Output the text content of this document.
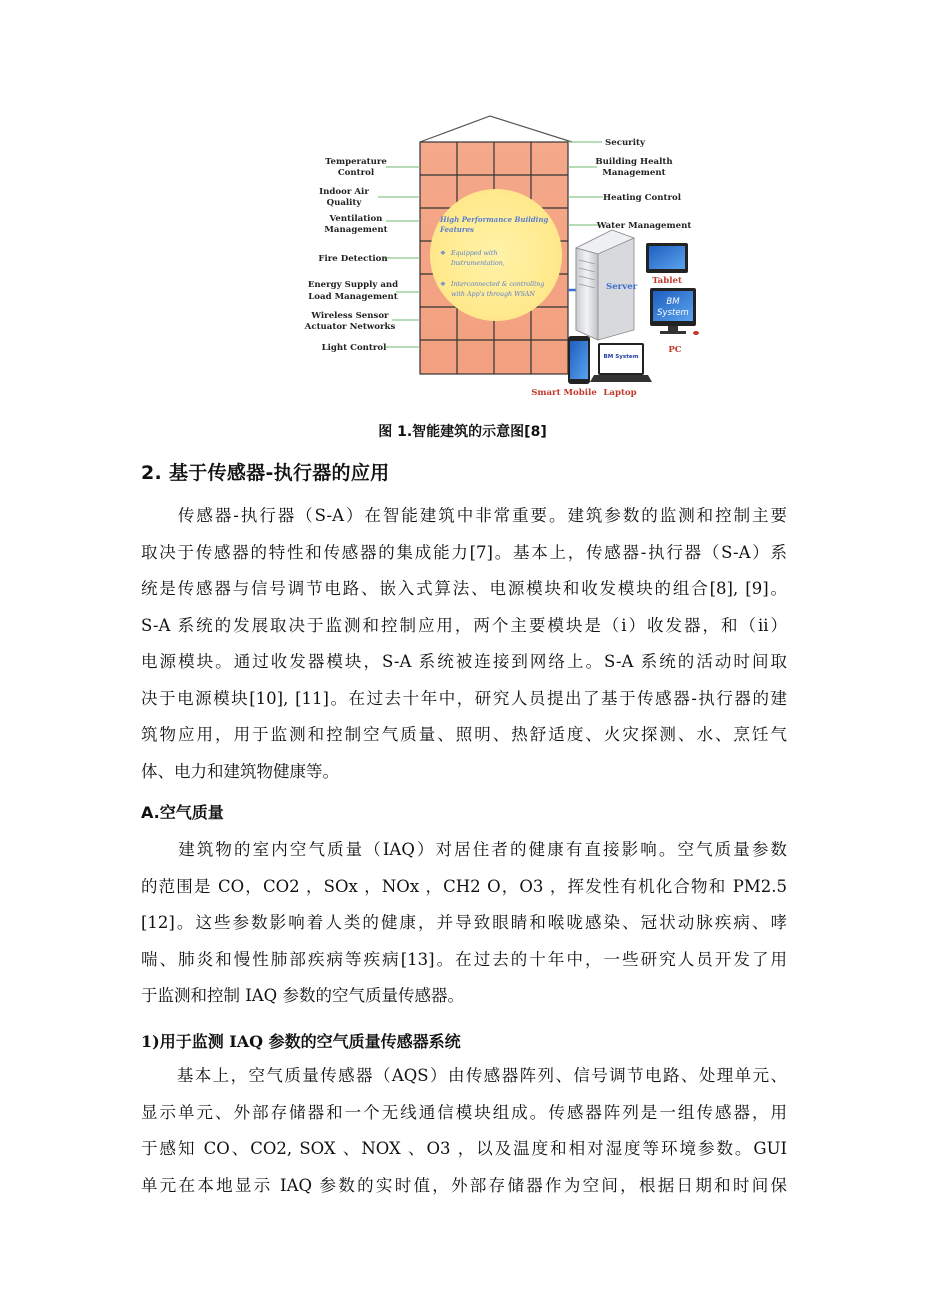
High Performance Building
Features
❖ Equipped with
Instrumentation,
❖ Interconnected & controlling
with App's through WSAN
Temperature
Control
Indoor Air
Quality
Ventilation
Management
Fire Detection
Energy Supply and
Load Management
Wireless Sensor
Actuator Networks
Light Control
Security
Building Health
Management
Heating Control
Water Management
Server
Tablet
BM
System
PC
Smart Mobile
BM System
Laptop
图 1.智能建筑的示意图[8]
2. 基于传感器-执行器的应用
　　传感器-执行器（S-A）在智能建筑中非常重要。建筑参数的监测和控制主要
取决于传感器的特性和传感器的集成能力[7]。基本上，传感器-执行器（S-A）系
统是传感器与信号调节电路、嵌入式算法、电源模块和收发模块的组合[8], [9]。
S-A 系统的发展取决于监测和控制应用，两个主要模块是（i）收发器，和（ii）
电源模块。通过收发器模块，S-A 系统被连接到网络上。S-A 系统的活动时间取
决于电源模块[10], [11]。在过去十年中，研究人员提出了基于传感器-执行器的建
筑物应用，用于监测和控制空气质量、照明、热舒适度、火灾探测、水、烹饪气
体、电力和建筑物健康等。
A.空气质量
　　建筑物的室内空气质量（IAQ）对居住者的健康有直接影响。空气质量参数
的范围是 CO，CO2 ，SOx ，NOx ，CH2 O，O3 ，挥发性有机化合物和 PM2.5
[12]。这些参数影响着人类的健康，并导致眼睛和喉咙感染、冠状动脉疾病、哮
喘、肺炎和慢性肺部疾病等疾病[13]。在过去的十年中，一些研究人员开发了用
于监测和控制 IAQ 参数的空气质量传感器。
1)用于监测 IAQ 参数的空气质量传感器系统
　　基本上，空气质量传感器（AQS）由传感器阵列、信号调节电路、处理单元、
显示单元、外部存储器和一个无线通信模块组成。传感器阵列是一组传感器，用
于感知 CO、CO2, SOX 、NOX 、O3 ，以及温度和相对湿度等环境参数。GUI
单元在本地显示 IAQ 参数的实时值，外部存储器作为空间，根据日期和时间保
